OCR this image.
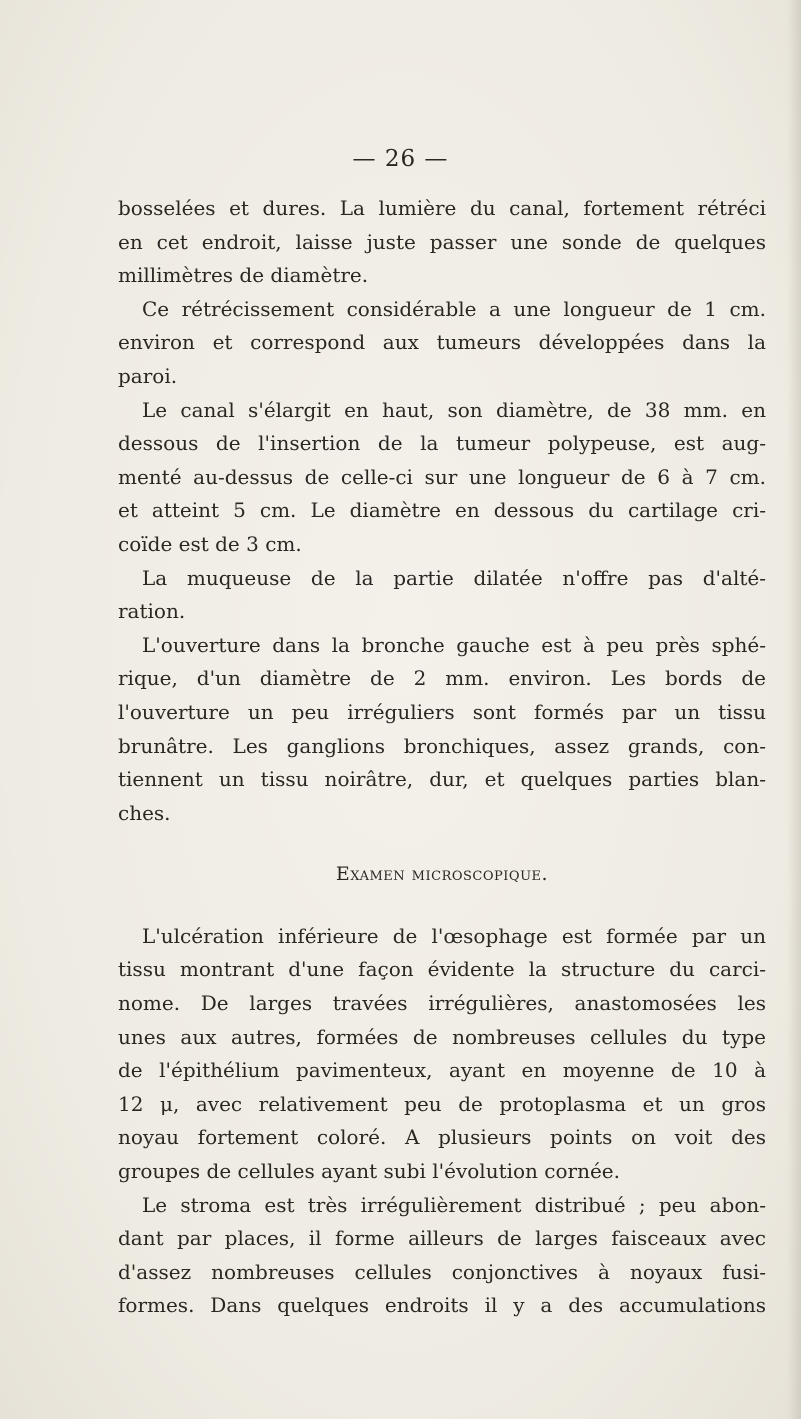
— 26 —
bosselées et dures. La lumière du canal, fortement rétréci
en cet endroit, laisse juste passer une sonde de quelques
millimètres de diamètre.
Ce rétrécissement considérable a une longueur de 1 cm.
environ et correspond aux tumeurs développées dans la
paroi.
Le canal s'élargit en haut, son diamètre, de 38 mm. en
dessous de l'insertion de la tumeur polypeuse, est aug-
menté au-dessus de celle-ci sur une longueur de 6 à 7 cm.
et atteint 5 cm. Le diamètre en dessous du cartilage cri-
coïde est de 3 cm.
La muqueuse de la partie dilatée n'offre pas d'alté-
ration.
L'ouverture dans la bronche gauche est à peu près sphé-
rique, d'un diamètre de 2 mm. environ. Les bords de
l'ouverture un peu irréguliers sont formés par un tissu
brunâtre. Les ganglions bronchiques, assez grands, con-
tiennent un tissu noirâtre, dur, et quelques parties blan-
ches.
Examen microscopique.
L'ulcération inférieure de l'œsophage est formée par un
tissu montrant d'une façon évidente la structure du carci-
nome. De larges travées irrégulières, anastomosées les
unes aux autres, formées de nombreuses cellules du type
de l'épithélium pavimenteux, ayant en moyenne de 10 à
12 μ, avec relativement peu de protoplasma et un gros
noyau fortement coloré. A plusieurs points on voit des
groupes de cellules ayant subi l'évolution cornée.
Le stroma est très irrégulièrement distribué ; peu abon-
dant par places, il forme ailleurs de larges faisceaux avec
d'assez nombreuses cellules conjonctives à noyaux fusi-
formes. Dans quelques endroits il y a des accumulations
